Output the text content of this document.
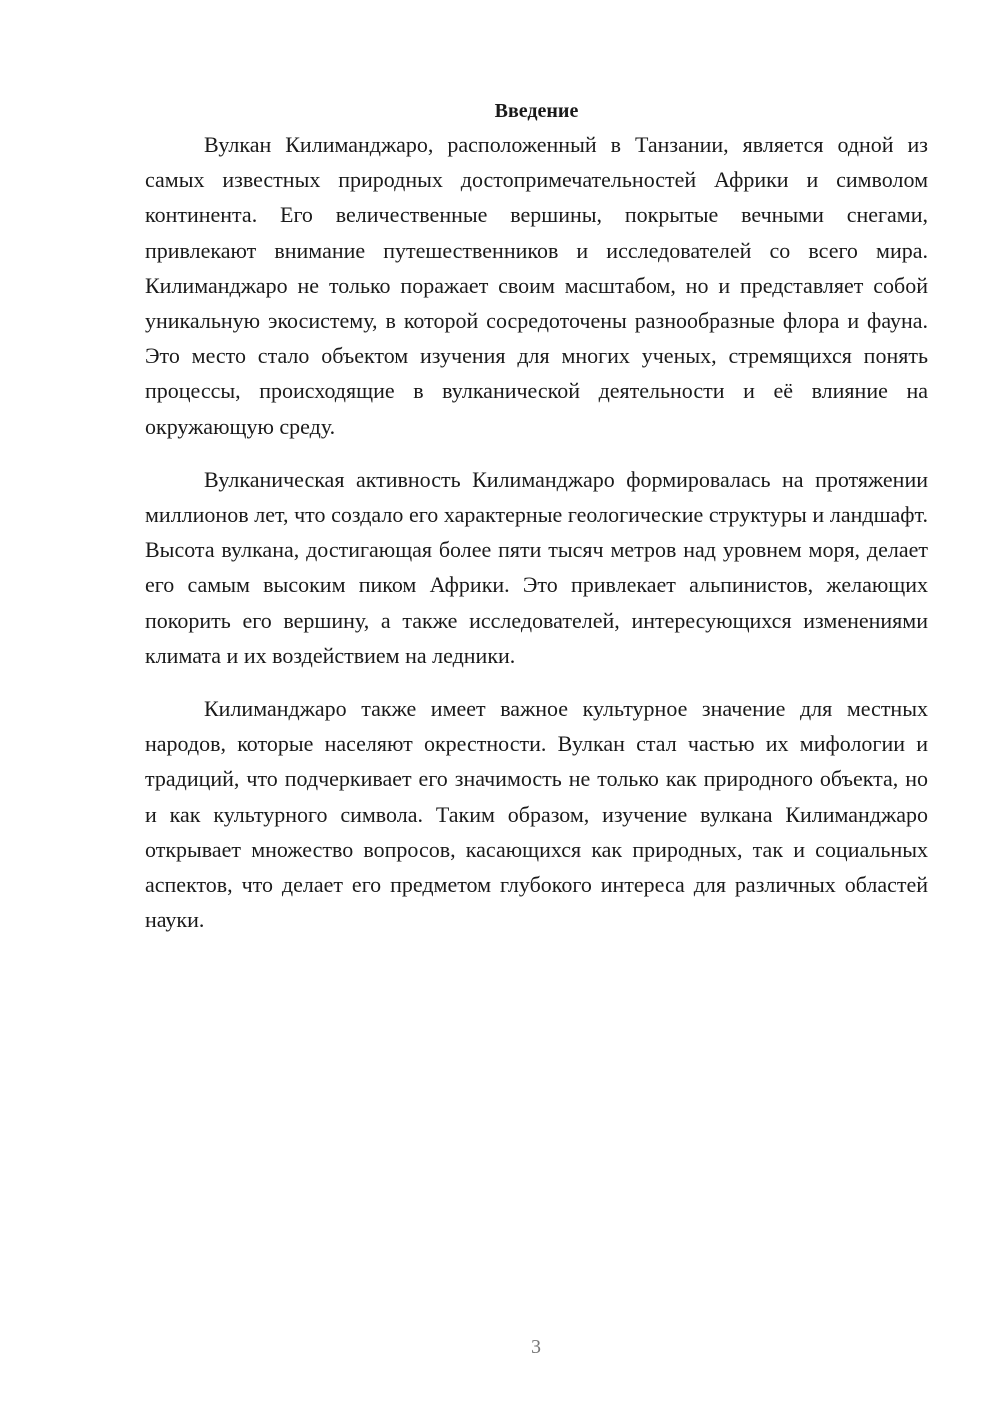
Введение

Вулкан Килиманджаро, расположенный в Танзании, является одной из самых известных природных достопримечательностей Африки и символом континента. Его величественные вершины, покрытые вечными снегами, привлекают внимание путешественников и исследователей со всего мира. Килиманджаро не только поражает своим масштабом, но и представляет собой уникальную экосистему, в которой сосредоточены разнообразные флора и фауна. Это место стало объектом изучения для многих ученых, стремящихся понять процессы, происходящие в вулканической деятельности и её влияние на окружающую среду.

Вулканическая активность Килиманджаро формировалась на протяжении миллионов лет, что создало его характерные геологические структуры и ландшафт. Высота вулкана, достигающая более пяти тысяч метров над уровнем моря, делает его самым высоким пиком Африки. Это привлекает альпинистов, желающих покорить его вершину, а также исследователей, интересующихся изменениями климата и их воздействием на ледники.

Килиманджаро также имеет важное культурное значение для местных народов, которые населяют окрестности. Вулкан стал частью их мифологии и традиций, что подчеркивает его значимость не только как природного объекта, но и как культурного символа. Таким образом, изучение вулкана Килиманджаро открывает множество вопросов, касающихся как природных, так и социальных аспектов, что делает его предметом глубокого интереса для различных областей науки.

3
